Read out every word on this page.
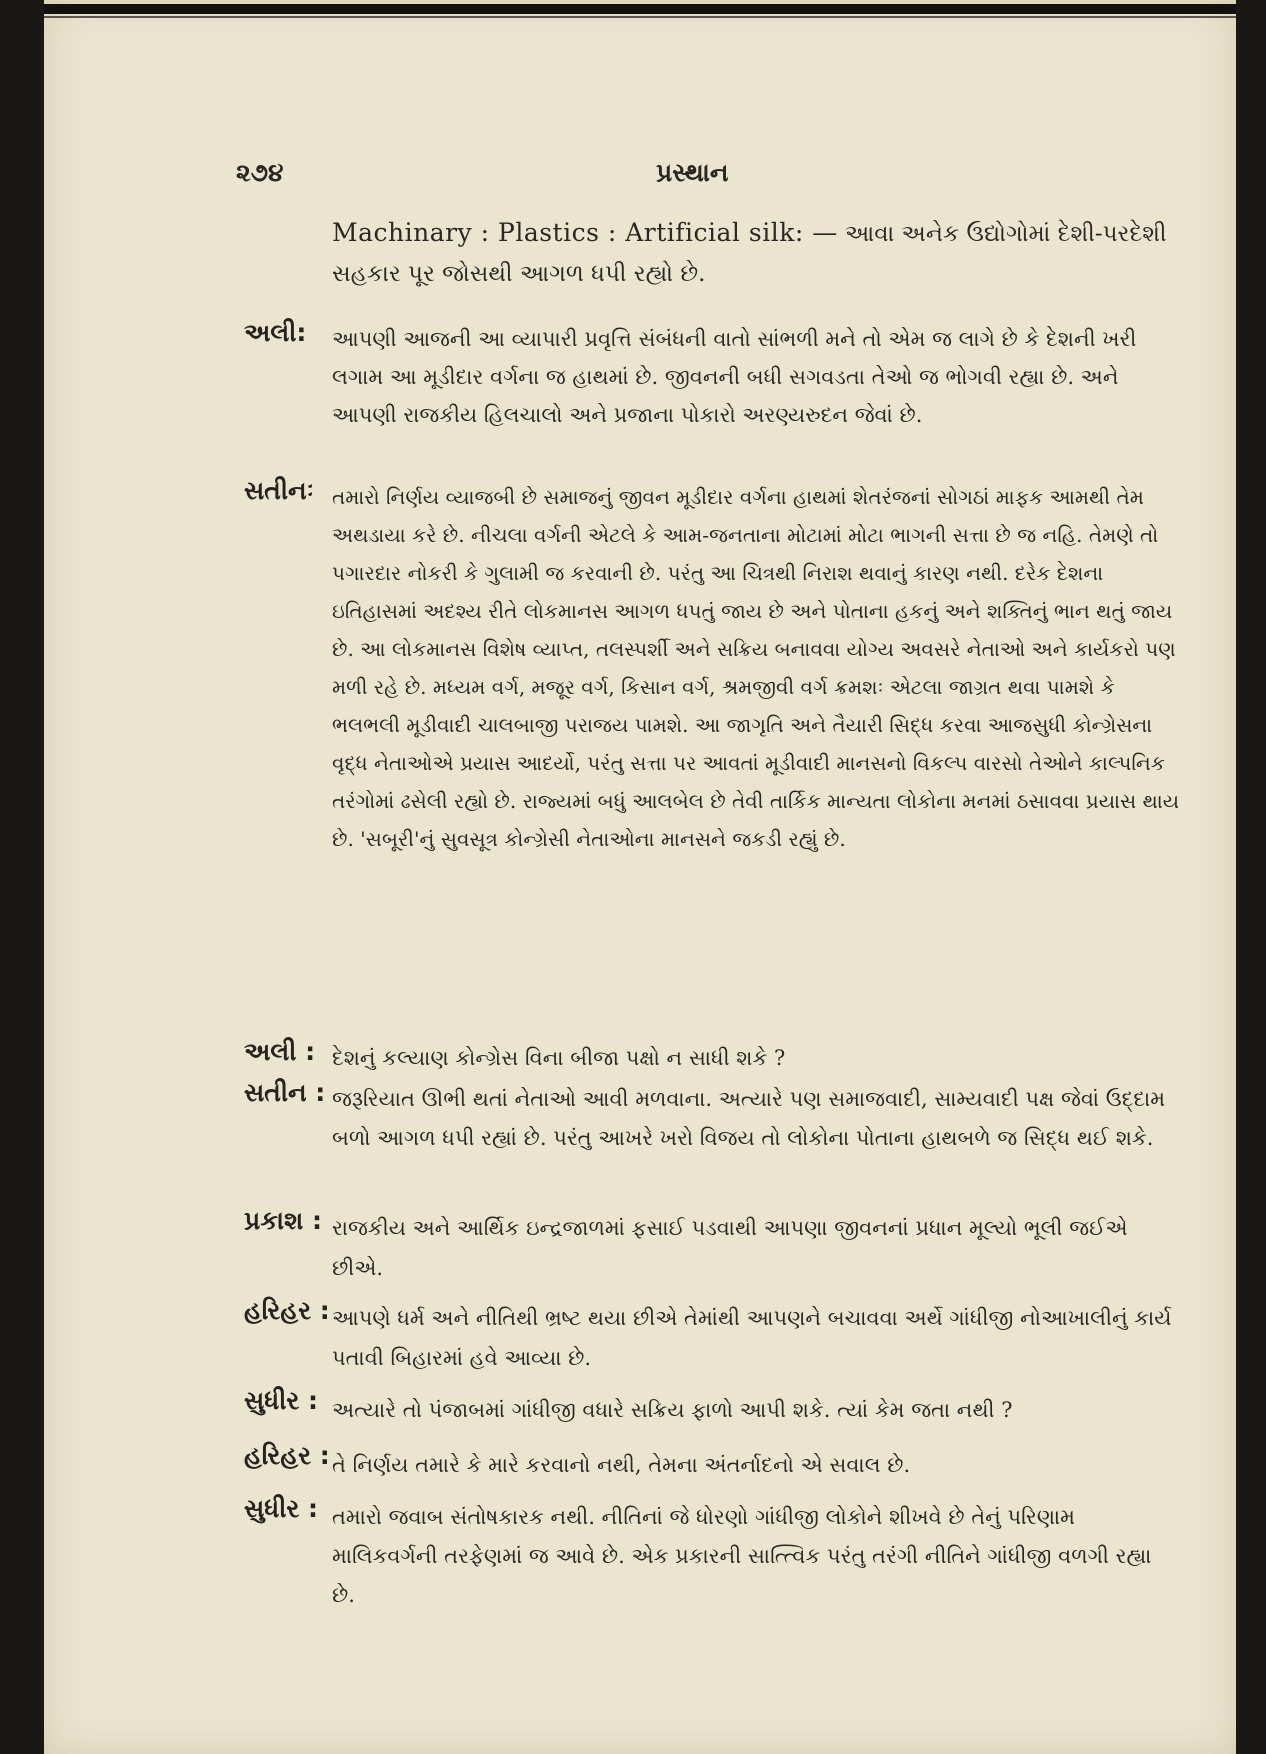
૨૭૪	પ્રસ્થાન
Machinary : Plastics : Artificial silk: — આવા અનેક ઉદ્યોગોમાં દેશી-પરદેશી સહકાર પૂર જોસથી આગળ ધપી રહ્યો છે.
અલી: આપણી આજની આ વ્યાપારી પ્રવૃત્તિ સંબંધની વાતો સાંભળી મને તો એમ જ લાગે છે કે દેશની ખરી લગામ આ મૂડીદાર વર્ગના જ હાથમાં છે. જીવનની બધી સગવડતા તેઓ જ ભોગવી રહ્યા છે. અને આપણી રાજકીય હિલચાલો અને પ્રજાના પોકારો અરણ્યરુદન જેવાં છે.
સતીનઃ તમારો નિર્ણય વ્યાજબી છે સમાજનું જીવન મૂડીદાર વર્ગના હાથમાં શેતરંજનાં સોગઠાં માફક આમથી તેમ અથડાયા કરે છે. નીચલા વર્ગની એટલે કે આમ-જનતાના મોટામાં મોટા ભાગની સત્તા છે જ નહિ. તેમણે તો પગારદાર નોકરી કે ગુલામી જ કરવાની છે. પરંતુ આ ચિત્રથી નિરાશ થવાનું કારણ નથી. દરેક દેશના ઇતિહાસમાં અદશ્ય રીતે લોકમાનસ આગળ ધપતું જાય છે અને પોતાના હકનું અને શક્તિનું ભાન થતું જાય છે. આ લોકમાનસ વિશેષ વ્યાપ્ત, તલસ્પર્શી અને સક્રિય બનાવવા યોગ્ય અવસરે નેતાઓ અને કાર્યકરો પણ મળી રહે છે. મધ્યમ વર્ગ, મજૂર વર્ગ, કિસાન વર્ગ, શ્રમજીવી વર્ગ ક્રમશઃ એટલા જાગ્રત થવા પામશે કે ભલભલી મૂડીવાદી ચાલબાજી પરાજય પામશે. આ જાગૃતિ અને તૈયારી સિદ્ધ કરવા આજસુધી કોન્ગ્રેસના વૃદ્ધ નેતાઓએ પ્રયાસ આદર્યો, પરંતુ સત્તા પર આવતાં મૂડીવાદી માનસનો વિકલ્પ વારસો તેઓને કાલ્પનિક તરંગોમાં ઢસેલી રહ્યો છે. રાજ્યમાં બધું આલબેલ છે તેવી તાર્કિક માન્યતા લોકોના મનમાં ઠસાવવા પ્રયાસ થાય છે. 'સબૂરી'નું સુવસૂત્ર કોન્ગ્રેસી નેતાઓના માનસને જકડી રહ્યું છે.
અલી : દેશનું કલ્યાણ કોન્ગ્રેસ વિના બીજા પક્ષો ન સાધી શકે ?
સતીન : જરૂરિયાત ઊભી થતાં નેતાઓ આવી મળવાના. અત્યારે પણ સમાજવાદી, સામ્યવાદી પક્ષ જેવાં ઉદ્દામ બળો આગળ ધપી રહ્યાં છે. પરંતુ આખરે ખરો વિજય તો લોકોના પોતાના હાથબળે જ સિદ્ધ થઈ શકે.
પ્રકાશ : રાજકીય અને આર્થિક ઇન્દ્રજાળમાં ફસાઈ પડવાથી આપણા જીવનનાં પ્રધાન મૂલ્યો ભૂલી જઈએ છીએ.
હરિહર : આપણે ધર્મ અને નીતિથી ભ્રષ્ટ થયા છીએ તેમાંથી આપણને બચાવવા અર્થે ગાંધીજી નોઆખાલીનું કાર્ય પતાવી બિહારમાં હવે આવ્યા છે.
સુધીર : અત્યારે તો પંજાબમાં ગાંધીજી વધારે સક્રિય ફાળો આપી શકે. ત્યાં કેમ જતા નથી ?
હરિહર : તે નિર્ણય તમારે કે મારે કરવાનો નથી, તેમના અંતર્નાદનો એ સવાલ છે.
સુધીર : તમારો જવાબ સંતોષકારક નથી. નીતિનાં જે ધોરણો ગાંધીજી લોકોને શીખવે છે તેનું પરિણામ માલિકવર્ગની તરફેણમાં જ આવે છે. એક પ્રકારની સાત્ત્વિક પરંતુ તરંગી નીતિને ગાંધીજી વળગી રહ્યા છે.
